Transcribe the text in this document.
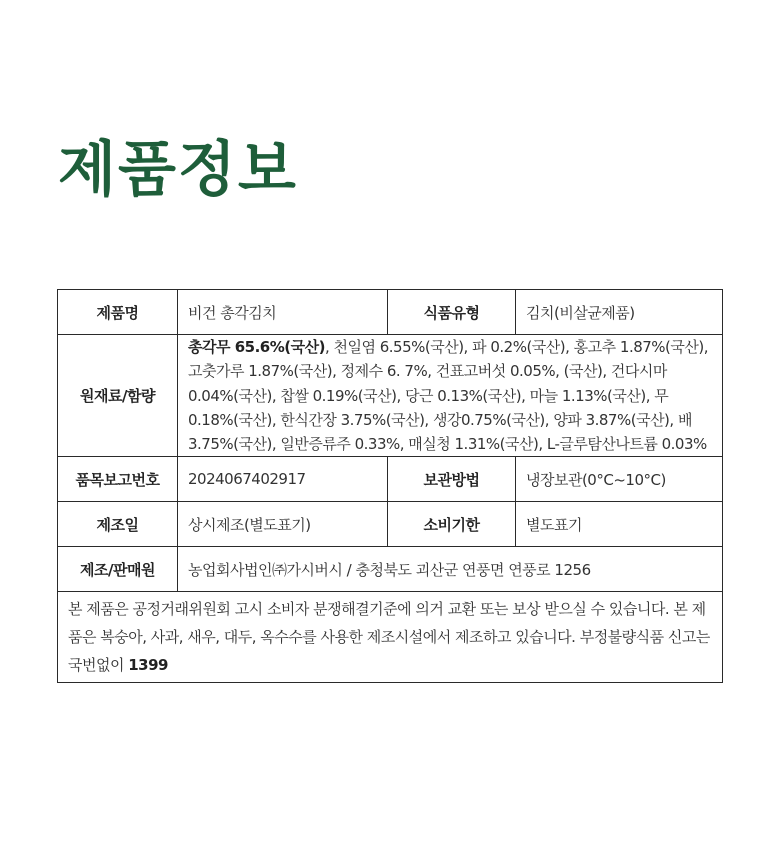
제품정보
제품명	비건 총각김치	식품유형	김치(비살균제품)
원재료/함량	총각무 65.6%(국산), 천일염 6.55%(국산), 파 0.2%(국산), 홍고추 1.87%(국산), 고춧가루 1.87%(국산), 정제수 6. 7%, 건표고버섯 0.05%, (국산), 건다시마 0.04%(국산), 찹쌀 0.19%(국산), 당근 0.13%(국산), 마늘 1.13%(국산), 무 0.18%(국산), 한식간장 3.75%(국산), 생강0.75%(국산), 양파 3.87%(국산), 배 3.75%(국산), 일반증류주 0.33%, 매실청 1.31%(국산), L-글루탐산나트륨 0.03%		
품목보고번호	2024067402917	보관방법	냉장보관(0°C~10°C)
제조일	상시제조(별도표기)	소비기한	별도표기
제조/판매원	농업회사법인㈜가시버시 / 충청북도 괴산군 연풍면 연풍로 1256		
본 제품은 공정거래위원회 고시 소비자 분쟁해결기준에 의거 교환 또는 보상 받으실 수 있습니다. 본 제품은 복숭아, 사과, 새우, 대두, 옥수수를 사용한 제조시설에서 제조하고 있습니다. 부정불량식품 신고는 국번없이 1399			
